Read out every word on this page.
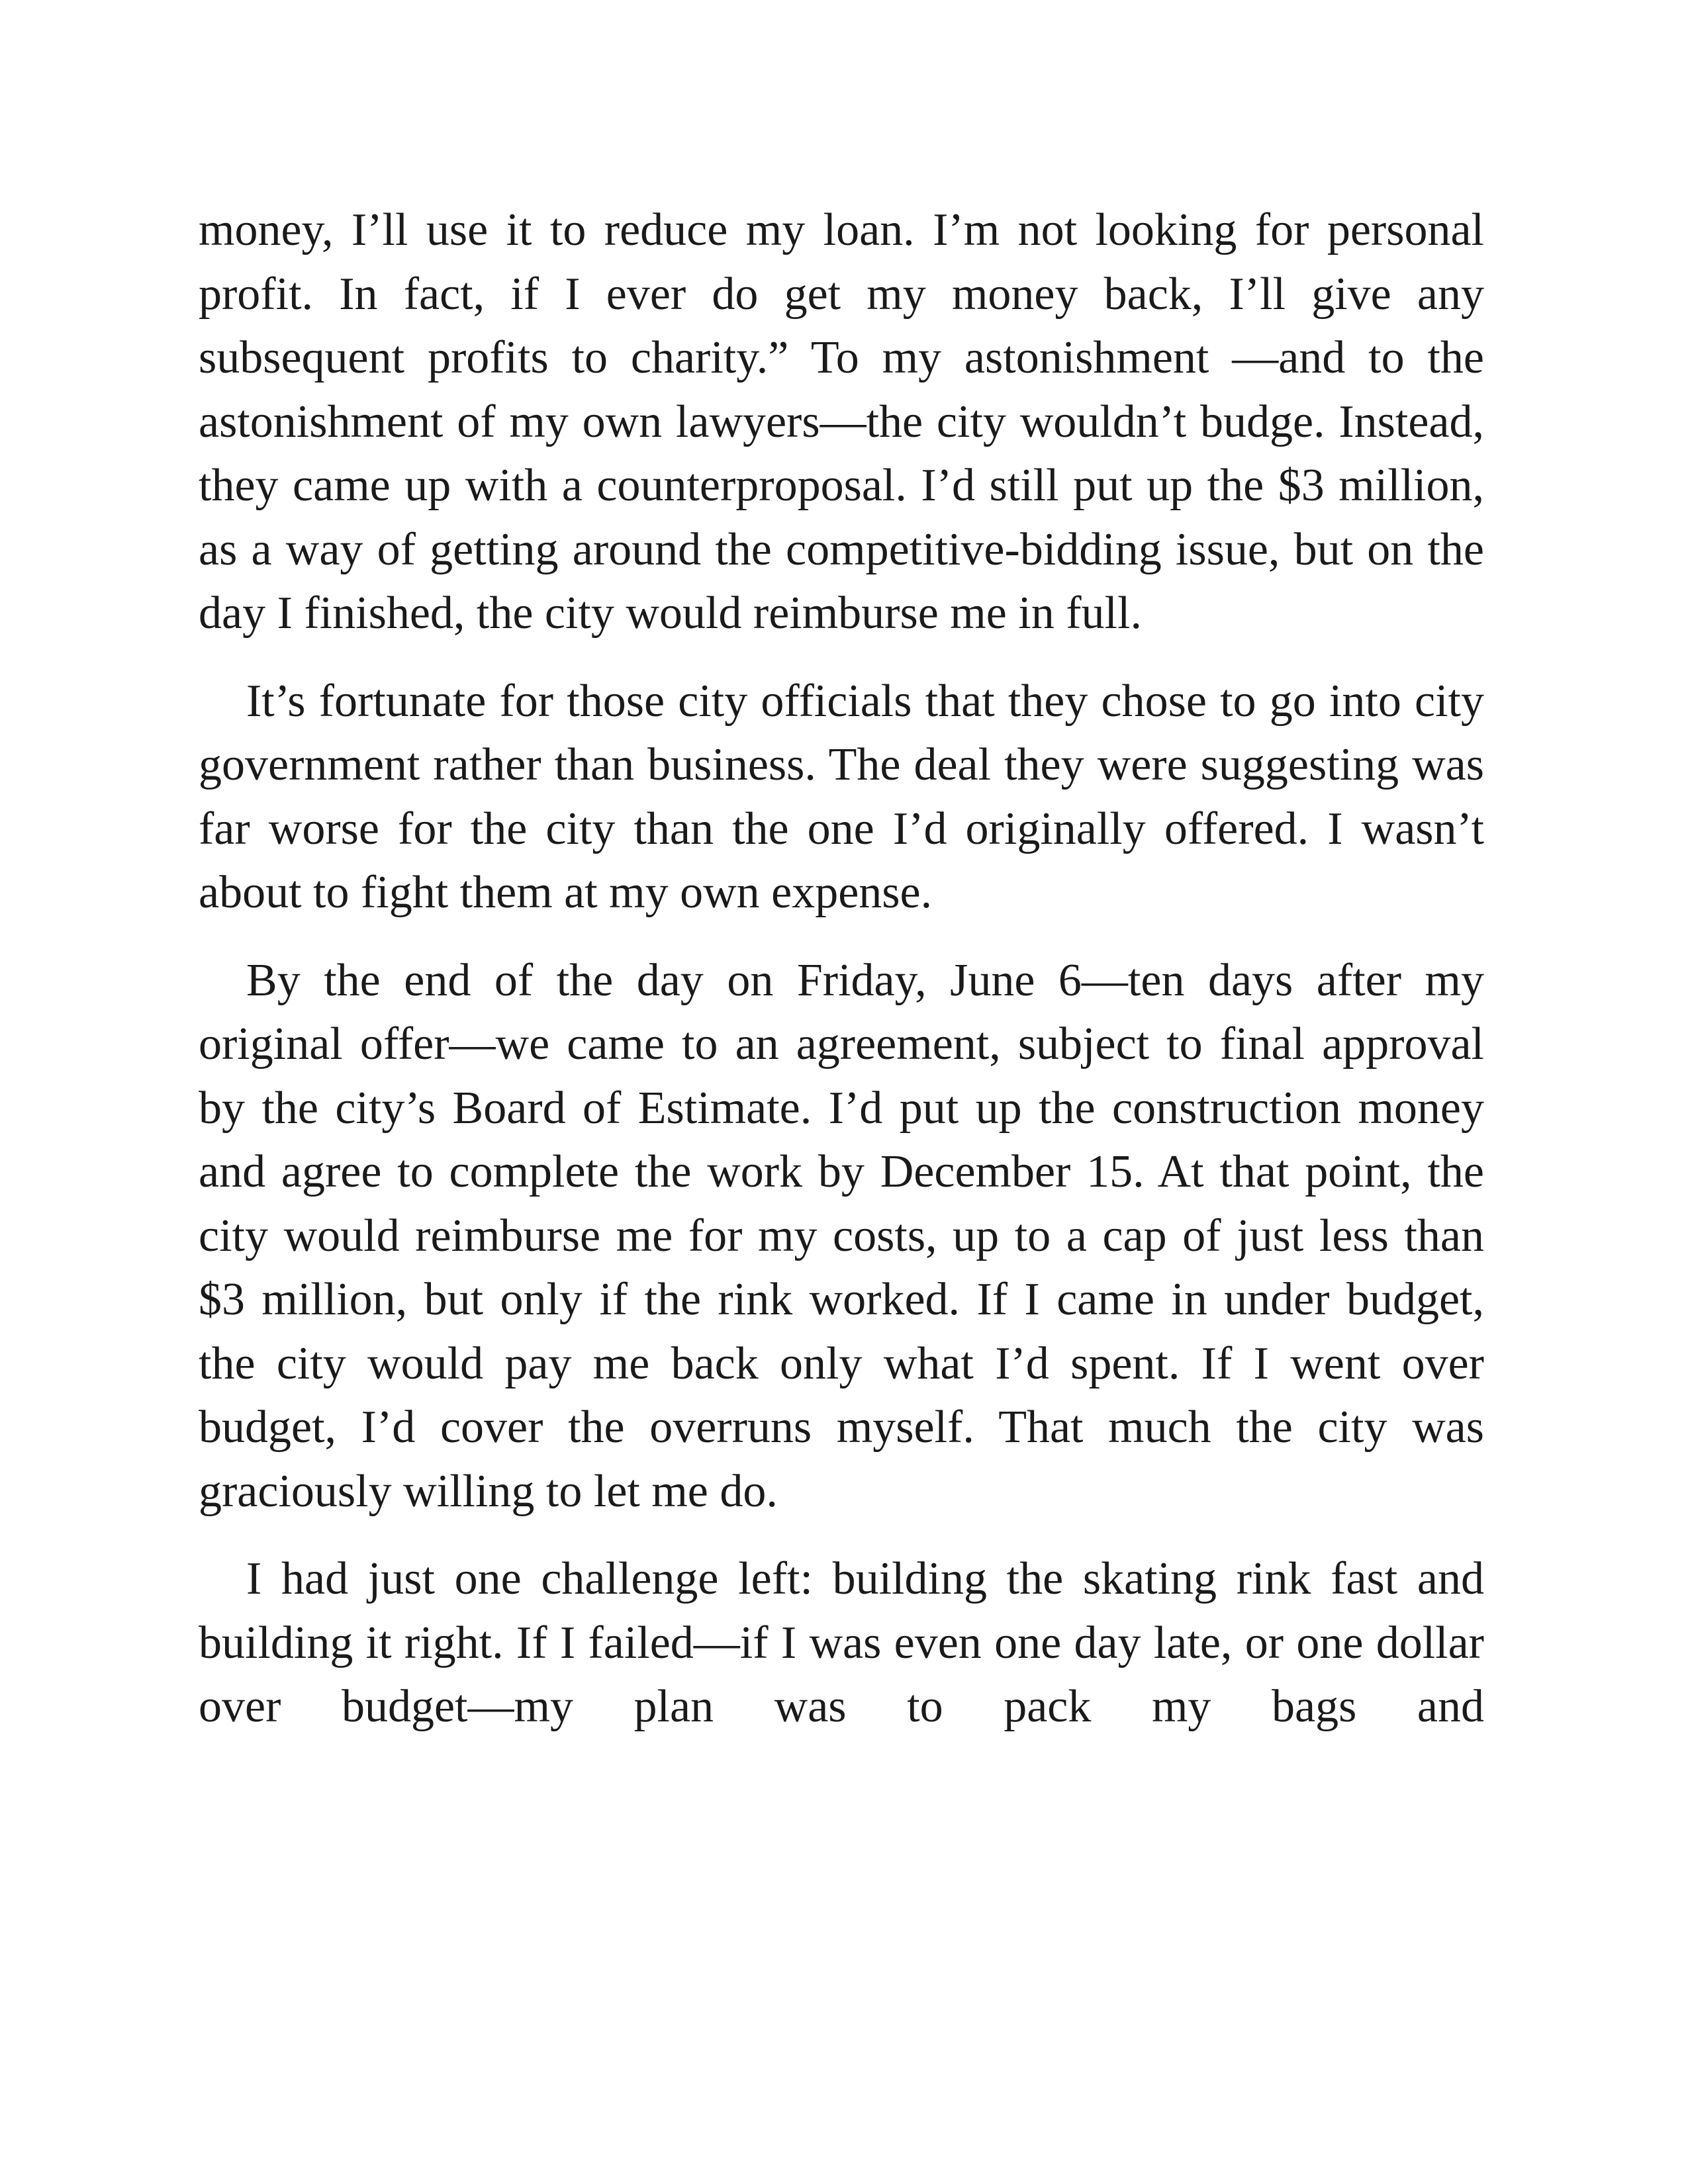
money, I’ll use it to reduce my loan. I’m not looking for personal profit. In fact, if I ever do get my money back, I’ll give any subsequent profits to charity.” To my astonishment —and to the astonishment of my own lawyers—the city wouldn’t budge. Instead, they came up with a counterproposal. I’d still put up the $3 million, as a way of getting around the competitive-bidding issue, but on the day I finished, the city would reimburse me in full.

It’s fortunate for those city officials that they chose to go into city government rather than business. The deal they were suggesting was far worse for the city than the one I’d originally offered. I wasn’t about to fight them at my own expense.

By the end of the day on Friday, June 6—ten days after my original offer—we came to an agreement, subject to final approval by the city’s Board of Estimate. I’d put up the construction money and agree to complete the work by December 15. At that point, the city would reimburse me for my costs, up to a cap of just less than $3 million, but only if the rink worked. If I came in under budget, the city would pay me back only what I’d spent. If I went over budget, I’d cover the overruns myself. That much the city was graciously willing to let me do.

I had just one challenge left: building the skating rink fast and building it right. If I failed—if I was even one day late, or one dollar over budget—my plan was to pack my bags and
